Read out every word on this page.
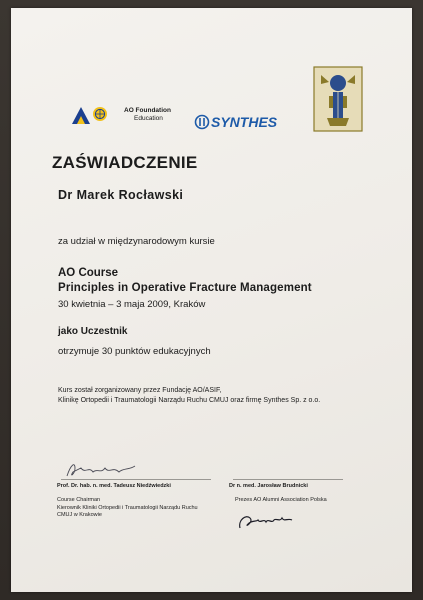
AO Foundation
Education	SYNTHES
ZAŚWIADCZENIE
Dr Marek Rocławski
za udział w międzynarodowym kursie
AO Course
Principles in Operative Fracture Management
30 kwietnia – 3 maja 2009, Kraków
jako Uczestnik
otrzymuje 30 punktów edukacyjnych
Kurs został zorganizowany przez Fundację AO/ASIF,
Klinikę Ortopedii i Traumatologii Narządu Ruchu CMUJ oraz firmę Synthes Sp. z o.o.
Prof. Dr. hab. n. med. Tadeusz Niedźwiedzki
Course Chairman
Kierownik Kliniki Ortopedii i Traumatologii Narządu Ruchu
CMUJ w Krakowie
Dr n. med. Jarosław Brudnicki
Prezes AO Alumni Association Polska
